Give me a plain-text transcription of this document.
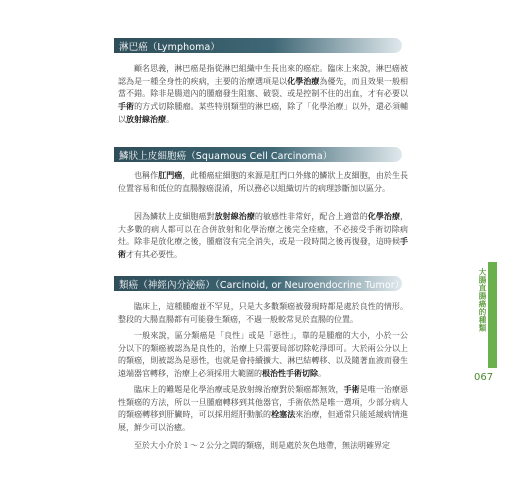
淋巴癌（Lymphoma）
顧名思義，淋巴癌是指從淋巴組織中生長出來的癌症。臨床上來說，淋巴癌被認為是一種全身性的疾病，主要的治療選項是以化學治療為優先，而且效果一般相當不錯。除非是腸道內的腫瘤發生阻塞、破裂、或是控制不住的出血，才有必要以手術的方式切除腫瘤。某些特別類型的淋巴癌，除了「化學治療」以外，還必須輔以放射線治療。
鱗狀上皮細胞癌（Squamous Cell Carcinoma）
也稱作肛門癌，此種癌症細胞的來源是肛門口外緣的鱗狀上皮細胞，由於生長位置容易和低位的直腸腺癌混淆，所以務必以組織切片的病理診斷加以區分。
因為鱗狀上皮細胞癌對放射線治療的敏感性非常好，配合上適當的化學治療，大多數的病人都可以在合併放射和化學治療之後完全痊癒，不必接受手術切除病灶。除非是放化療之後，腫瘤沒有完全消失，或是一段時間之後再復發，這時候手術才有其必要性。
類癌（神經內分泌癌）（Carcinoid, or Neuroendocrine Tumor）
臨床上，這種腫瘤並不罕見，只是大多數類癌被發現時都是處於良性的情形。整段的大腸直腸都有可能發生類癌，不過一般較常見於直腸的位置。
一般來說，區分類癌是「良性」或是「惡性」，靠的是腫瘤的大小，小於一公分以下的類癌被認為是良性的，治療上只需要局部切除乾淨即可。大於兩公分以上的類癌，則被認為是惡性，也就是會持續擴大、淋巴結轉移、以及隨著血液而發生遠端器官轉移，治療上必須採用大範圍的根治性手術切除。
臨床上的難題是化學治療或是放射線治療對於類癌都無效，手術是唯一治療惡性類癌的方法，所以一旦腫瘤轉移到其他器官，手術依然是唯一選項，少部分病人的類癌轉移到肝臟時，可以採用經肝動脈的栓塞法來治療，但通常只能延緩病情進展，鮮少可以治癒。
至於大小介於１～２公分之間的類癌，則是處於灰色地帶，無法明確界定
大腸直腸癌的種類
067
